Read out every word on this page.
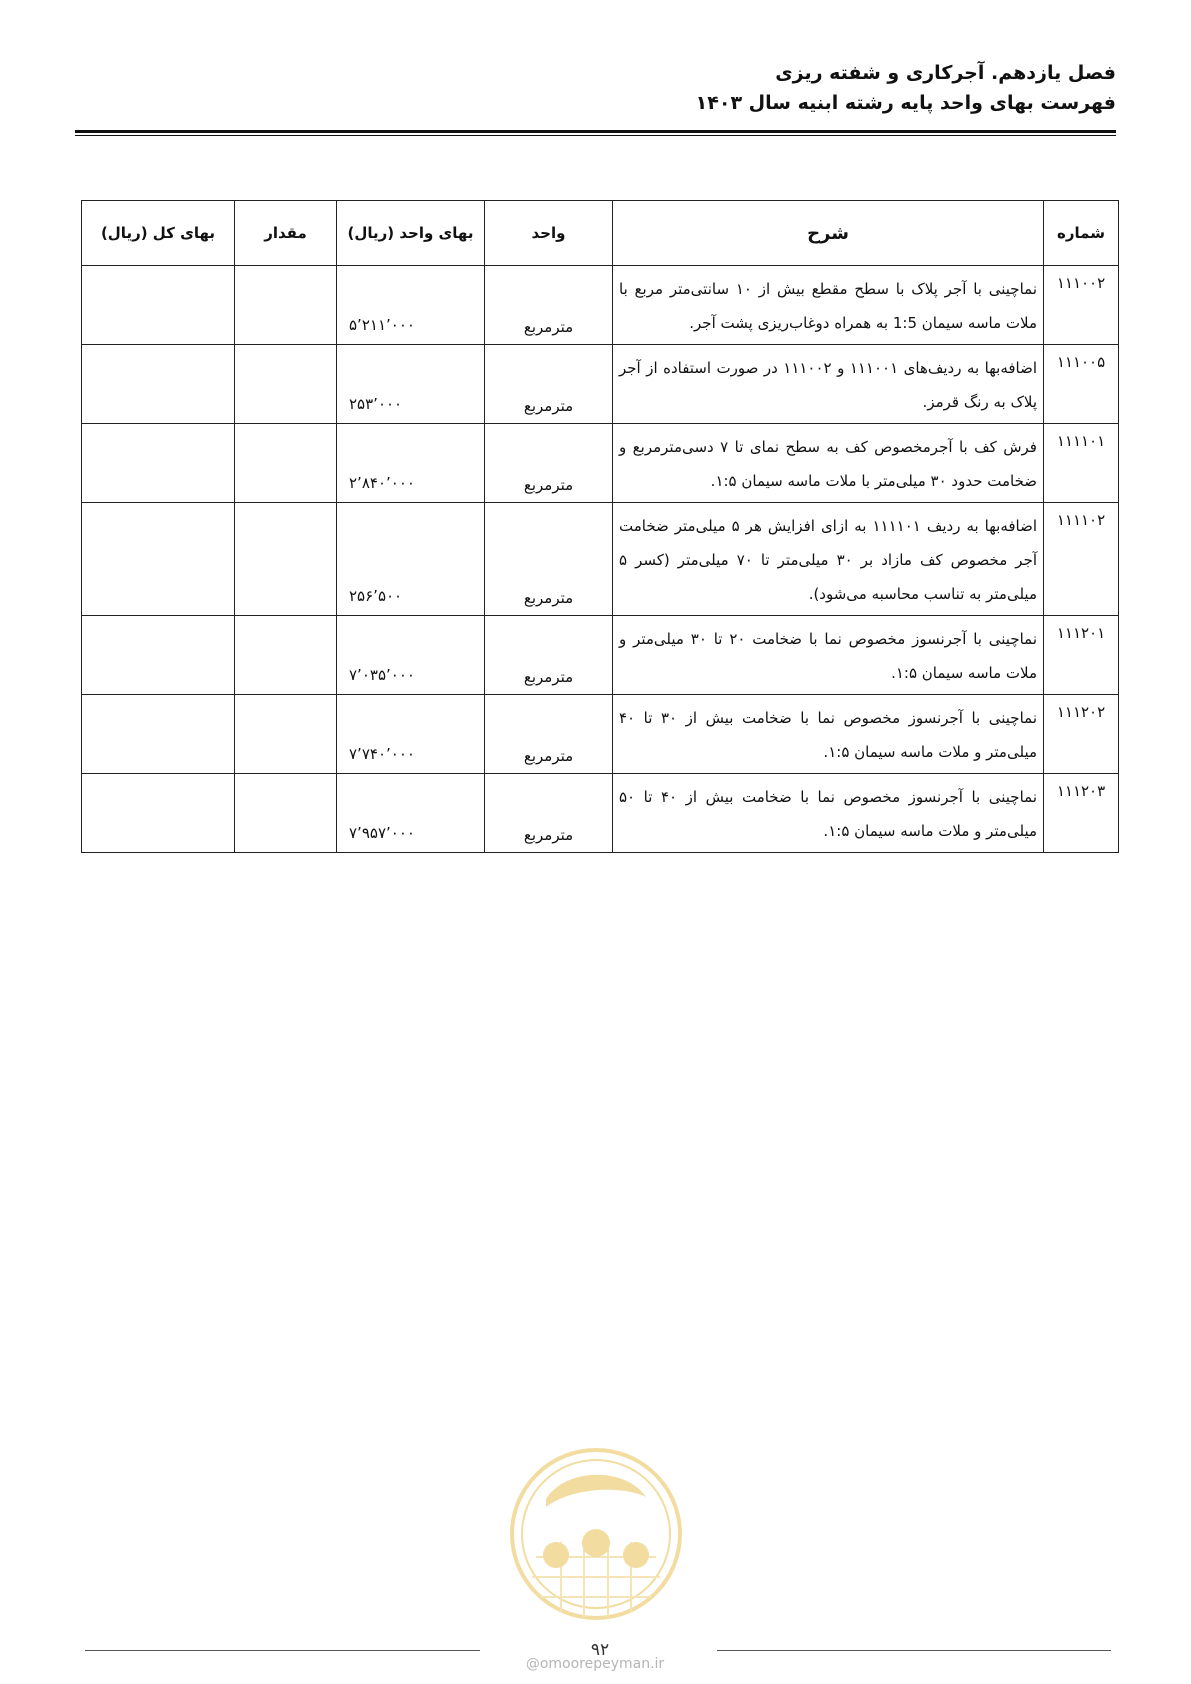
فصل یازدهم. آجرکاری و شفته ریزی
فهرست بهای واحد پایه رشته ابنیه سال ۱۴۰۳
شماره	شرح	واحد	بهای واحد (ریال)	مقدار	بهای کل (ریال)
۱۱۱۰۰۲	نماچینی با آجر پلاک با سطح مقطع بیش از ۱۰ سانتی‌متر مربع با ملات ماسه سیمان 1:5 به همراه دوغاب‌ریزی پشت آجر.	مترمربع	۵٬۲۱۱٬۰۰۰		
۱۱۱۰۰۵	اضافه‌بها به ردیف‌های ۱۱۱۰۰۱ و ۱۱۱۰۰۲ در صورت استفاده از آجر پلاک به رنگ قرمز.	مترمربع	۲۵۳٬۰۰۰		
۱۱۱۱۰۱	فرش کف با آجرمخصوص کف به سطح نمای تا ۷ دسی‌مترمربع و ضخامت حدود ۳۰ میلی‌متر با ملات ماسه سیمان ۱:۵.	مترمربع	۲٬۸۴۰٬۰۰۰		
۱۱۱۱۰۲	اضافه‌بها به ردیف ۱۱۱۱۰۱ به ازای افزایش هر ۵ میلی‌متر ضخامت آجر مخصوص کف مازاد بر ۳۰ میلی‌متر تا ۷۰ میلی‌متر (کسر ۵ میلی‌متر به تناسب محاسبه می‌شود).	مترمربع	۲۵۶٬۵۰۰		
۱۱۱۲۰۱	نماچینی با آجرنسوز مخصوص نما با ضخامت ۲۰ تا ۳۰ میلی‌متر و ملات ماسه سیمان ۱:۵.	مترمربع	۷٬۰۳۵٬۰۰۰		
۱۱۱۲۰۲	نماچینی با آجرنسوز مخصوص نما با ضخامت بیش از ۳۰ تا ۴۰ میلی‌متر و ملات ماسه سیمان ۱:۵.	مترمربع	۷٬۷۴۰٬۰۰۰		
۱۱۱۲۰۳	نماچینی با آجرنسوز مخصوص نما با ضخامت بیش از ۴۰ تا ۵۰ میلی‌متر و ملات ماسه سیمان ۱:۵.	مترمربع	۷٬۹۵۷٬۰۰۰		
۹۲
@omoorepeyman.ir
